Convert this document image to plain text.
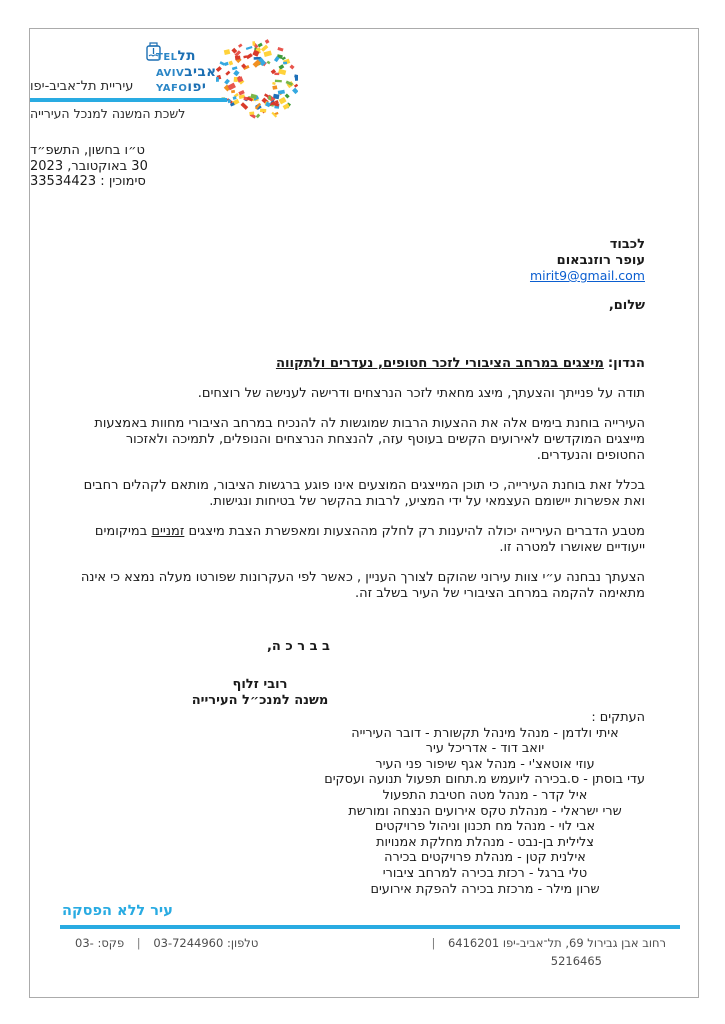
תלTEL
אביבAVIV
יפוYAFO
עיריית תל־אביב-יפו
לשכת המשנה למנכל העירייה
ט״ו בחשון, התשפ״ד
30 באוקטובר, 2023
סימוכין : 33534423
לכבוד
עופר רוזנבאום
mirit9@gmail.com
שלום,
הנדון:מיצגים במרחב הציבורי לזכר חטופים, נעדרים ולתקווה

תודה על פנייתך והצעתך, מיצג מחאתי לזכר הנרצחים ודרישה לענישה של רוצחים.

העירייה בוחנת בימים אלה את ההצעות הרבות שמוגשות לה להנכיח במרחב הציבורי מחוות באמצעות מייצגים המוקדשים לאירועים הקשים בעוטף עזה, להנצחת הנרצחים והנופלים, לתמיכה ולאזכור החטופים והנעדרים.

בכלל זאת בוחנת העירייה, כי תוכן המייצגים המוצעים אינו פוגע ברגשות הציבור, מותאם לקהלים רחבים ואת אפשרות יישומם העצמאי על ידי המציע, לרבות בהקשר של בטיחות ונגישות.

מטבע הדברים העירייה יכולה להיענות רק לחלק מההצעות ומאפשרת הצבת מיצגים זמניים במיקומים ייעודיים שאושרו למטרה זו.

הצעתך נבחנה ע״י צוות עירוני שהוקם לצורך העניין , כאשר לפי העקרונות שפורטו מעלה נמצא כי אינה מתאימה להקמה במרחב הציבורי של העיר בשלב זה.

ב ב ר כ ה,
רובי זלוף
משנה למנכ״ל העירייה
העתקים :
איתי ולדמן - מנהל מינהל תקשורת - דובר העירייה
יואב דוד - אדריכל עיר
עוזי אוטאצ'י - מנהל אגף שיפור פני העיר
עדי בוסתן - ס.בכירה ליועמש מ.תחום תפעול תנועה ועסקים
איל קדר - מנהל מטה חטיבת התפעול
שרי ישראלי - מנהלת טקס אירועים הנצחה ומורשת
אבי לוי - מנהל מח תכנון וניהול פרויקטים
צלילית בן-נבט - מנהלת מחלקת אמנויות
אילנית קטן - מנהלת פרויקטים בכירה
טלי ברגל - רכזת בכירה למרחב ציבורי
שרון מילר - מרכזת בכירה להפקת אירועים
עיר ללא הפסקה
רחוב אבן גבירול 69, תל־אביב-יפו 6416201 |
טלפון: 03-7244960 | פקס: -03
5216465
